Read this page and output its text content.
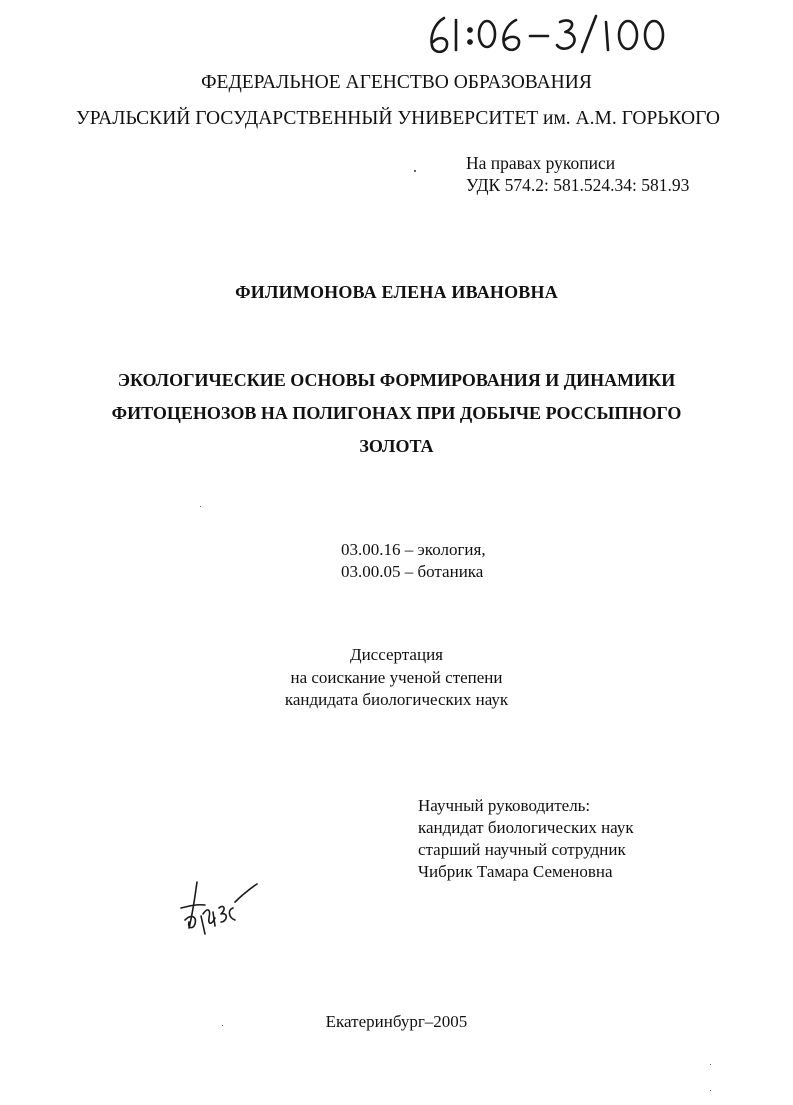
ФЕДЕРАЛЬНОЕ АГЕНСТВО ОБРАЗОВАНИЯ
УРАЛЬСКИЙ ГОСУДАРСТВЕННЫЙ УНИВЕРСИТЕТ им. А.М. ГОРЬКОГО
На правах рукописи
УДК 574.2: 581.524.34: 581.93
ФИЛИМОНОВА ЕЛЕНА ИВАНОВНА
ЭКОЛОГИЧЕСКИЕ ОСНОВЫ ФОРМИРОВАНИЯ И ДИНАМИКИ
ФИТОЦЕНОЗОВ НА ПОЛИГОНАХ ПРИ ДОБЫЧЕ РОССЫПНОГО
ЗОЛОТА
03.00.16 – экология,
03.00.05 – ботаника
Диссертация
на соискание ученой степени
кандидата биологических наук
Научный руководитель:
кандидат биологических наук
старший научный сотрудник
Чибрик Тамара Семеновна
Екатеринбург–2005
